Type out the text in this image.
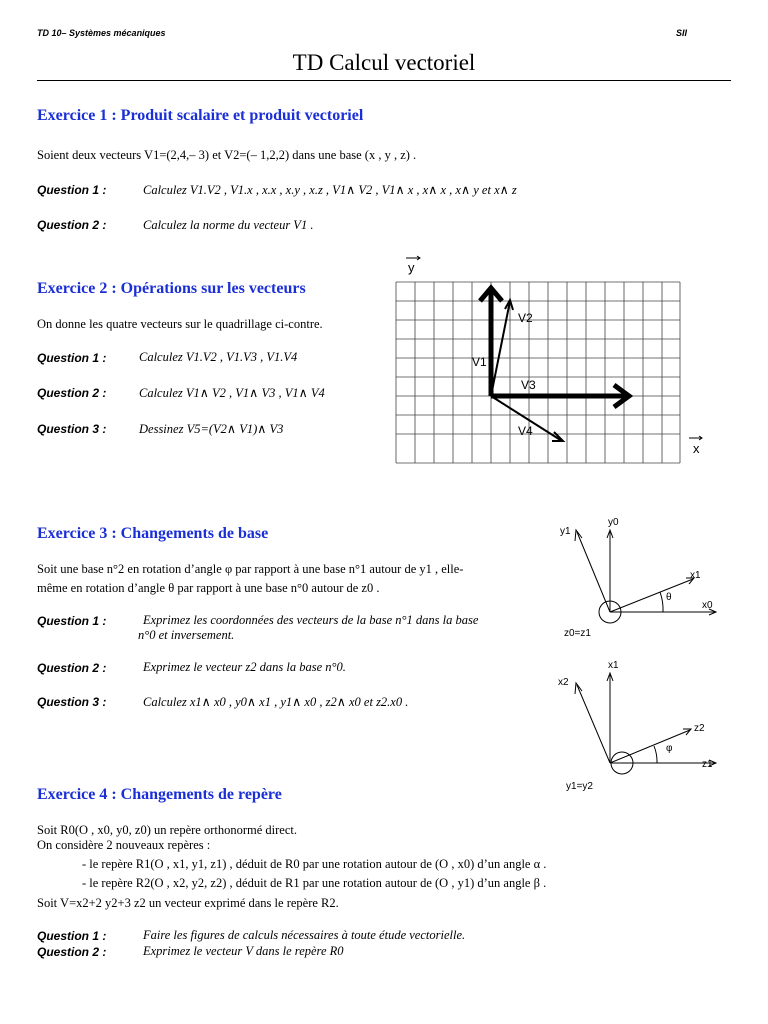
TD 10– Systèmes mécaniques	SII
TD Calcul vectoriel
Exercice 1 : Produit scalaire et produit vectoriel
Soient deux vecteurs V1=(2,4,– 3) et V2=(– 1,2,2) dans une base (x , y , z) .
Question 1 :	Calculez V1.V2 , V1.x , x.x , x.y , x.z , V1∧ V2 , V1∧ x , x∧ x , x∧ y et x∧ z
Question 2 :	Calculez la norme du vecteur V1 .
Exercice 2 : Opérations sur les vecteurs
On donne les quatre vecteurs sur le quadrillage ci-contre.
Question 1 :	Calculez V1.V2 , V1.V3 , V1.V4
Question 2 :	Calculez V1∧ V2 , V1∧ V3 , V1∧ V4
Question 3 :	Dessinez V5=(V2∧ V1)∧ V3
y
x
V1
V2
V3
V4
Exercice 3 : Changements de base
Soit une base n°2 en rotation d’angle φ par rapport à une base n°1 autour de y1 , elle-
même en rotation d’angle θ par rapport à une base n°0 autour de z0 .
Question 1 :	Exprimez les coordonnées des vecteurs de la base n°1 dans la base
n°0 et inversement.
Question 2 :	Exprimez le vecteur z2 dans la base n°0.
Question 3 :	Calculez x1∧ x0 , y0∧ x1 , y1∧ x0 , z2∧ x0 et z2.x0 .
y0
y1
x1
x0
θ
z0=z1
x1
x2
z2
z1
φ
y1=y2
Exercice 4 : Changements de repère
Soit R0(O , x0, y0, z0) un repère orthonormé direct.
On considère 2 nouveaux repères :
- le repère R1(O , x1, y1, z1) , déduit de R0 par une rotation autour de (O , x0) d’un angle α .
- le repère R2(O , x2, y2, z2) , déduit de R1 par une rotation autour de (O , y1) d’un angle β .
Soit V=x2+2 y2+3 z2 un vecteur exprimé dans le repère R2.
Question 1 :	Faire les figures de calculs nécessaires à toute étude vectorielle.
Question 2 :	Exprimez le vecteur V dans le repère R0
